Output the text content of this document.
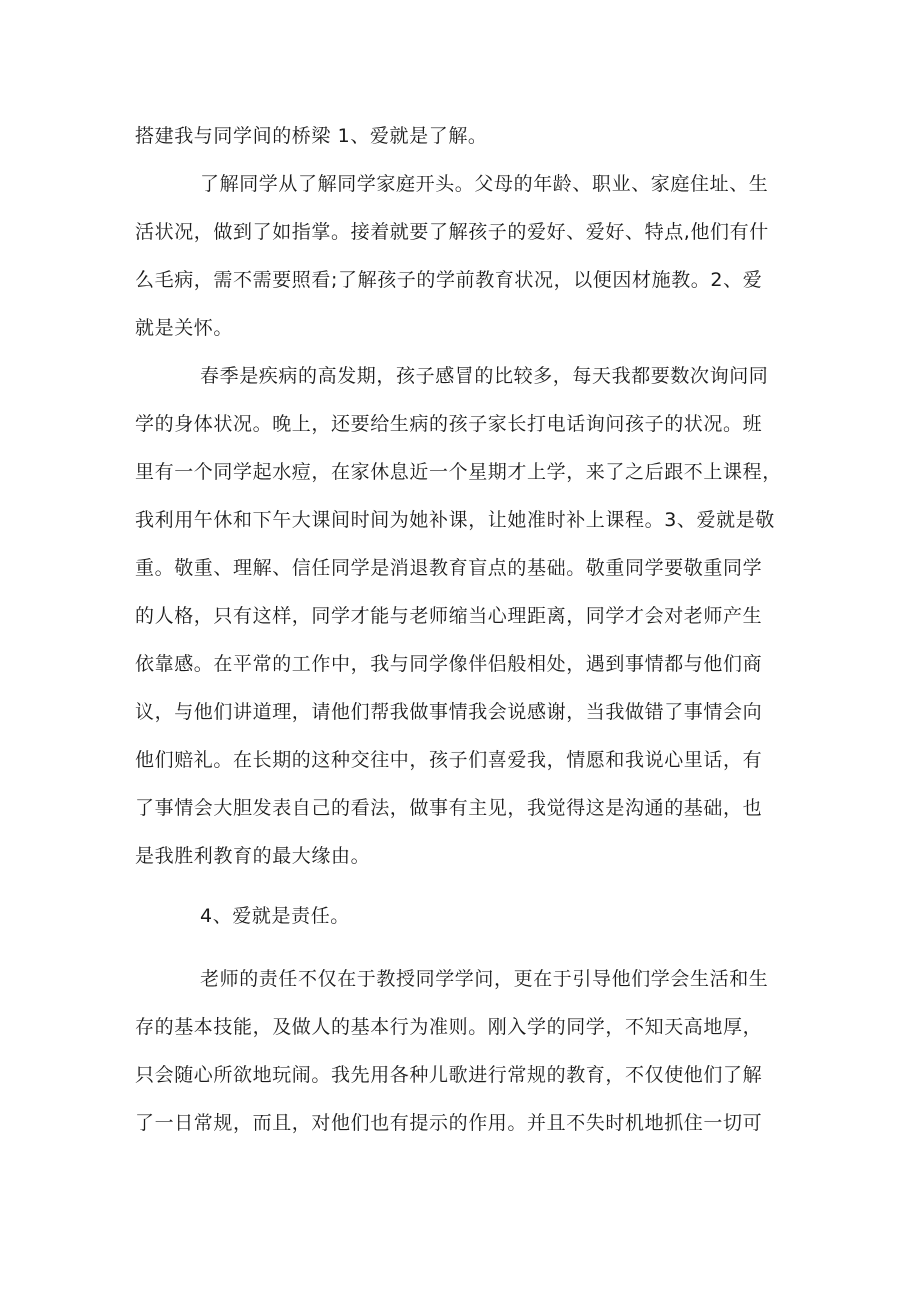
搭建我与同学间的桥梁 1、爱就是了解。
了解同学从了解同学家庭开头。父母的年龄、职业、家庭住址、生
活状况，做到了如指掌。接着就要了解孩子的爱好、爱好、特点,他们有什
么毛病，需不需要照看;了解孩子的学前教育状况，以便因材施教。2、爱
就是关怀。
春季是疾病的高发期，孩子感冒的比较多，每天我都要数次询问同
学的身体状况。晚上，还要给生病的孩子家长打电话询问孩子的状况。班
里有一个同学起水痘，在家休息近一个星期才上学，来了之后跟不上课程，
我利用午休和下午大课间时间为她补课，让她准时补上课程。3、爱就是敬
重。敬重、理解、信任同学是消退教育盲点的基础。敬重同学要敬重同学
的人格，只有这样，同学才能与老师缩当心理距离，同学才会对老师产生
依靠感。在平常的工作中，我与同学像伴侣般相处，遇到事情都与他们商
议，与他们讲道理，请他们帮我做事情我会说感谢，当我做错了事情会向
他们赔礼。在长期的这种交往中，孩子们喜爱我，情愿和我说心里话，有
了事情会大胆发表自己的看法，做事有主见，我觉得这是沟通的基础，也
是我胜利教育的最大缘由。
4、爱就是责任。
老师的责任不仅在于教授同学学问，更在于引导他们学会生活和生
存的基本技能，及做人的基本行为准则。刚入学的同学，不知天高地厚，
只会随心所欲地玩闹。我先用各种儿歌进行常规的教育，不仅使他们了解
了一日常规，而且，对他们也有提示的作用。并且不失时机地抓住一切可
